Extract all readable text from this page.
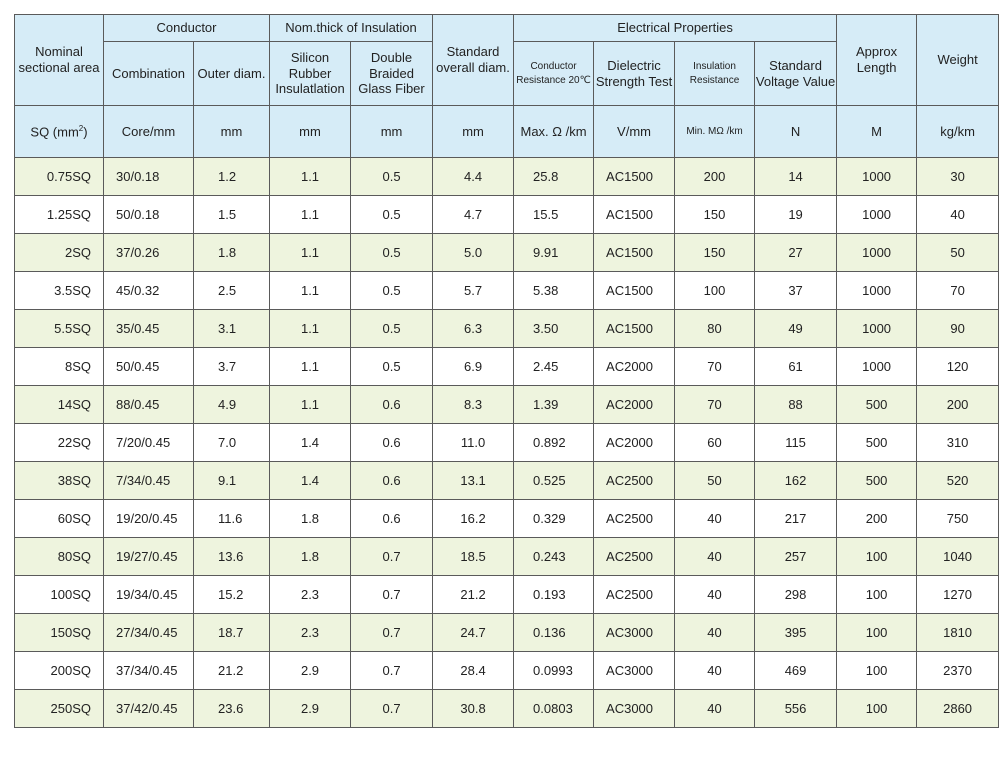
Nominal sectional area	Conductor		Nom.thick of Insulation		Standard overall diam.	Electrical Properties				Approx Length	Weight
	Combination	Outer diam.	Silicon Rubber Insulatlation	Double Braided Glass Fiber		Conductor Resistance 20℃	Dielectric Strength Test	Insulation Resistance	Standard Voltage Value		
SQ $(mm^2)$	Core/mm	mm	mm	mm	mm	Max. Ω /km	V/mm	Min. MΩ /km	N	M	kg/km
0.75SQ	30/0.18	1.2	1.1	0.5	4.4	25.8	AC1500	200	14	1000	30
1.25SQ	50/0.18	1.5	1.1	0.5	4.7	15.5	AC1500	150	19	1000	40
2SQ	37/0.26	1.8	1.1	0.5	5.0	9.91	AC1500	150	27	1000	50
3.5SQ	45/0.32	2.5	1.1	0.5	5.7	5.38	AC1500	100	37	1000	70
5.5SQ	35/0.45	3.1	1.1	0.5	6.3	3.50	AC1500	80	49	1000	90
8SQ	50/0.45	3.7	1.1	0.5	6.9	2.45	AC2000	70	61	1000	120
14SQ	88/0.45	4.9	1.1	0.6	8.3	1.39	AC2000	70	88	500	200
22SQ	7/20/0.45	7.0	1.4	0.6	11.0	0.892	AC2000	60	115	500	310
38SQ	7/34/0.45	9.1	1.4	0.6	13.1	0.525	AC2500	50	162	500	520
60SQ	19/20/0.45	11.6	1.8	0.6	16.2	0.329	AC2500	40	217	200	750
80SQ	19/27/0.45	13.6	1.8	0.7	18.5	0.243	AC2500	40	257	100	1040
100SQ	19/34/0.45	15.2	2.3	0.7	21.2	0.193	AC2500	40	298	100	1270
150SQ	27/34/0.45	18.7	2.3	0.7	24.7	0.136	AC3000	40	395	100	1810
200SQ	37/34/0.45	21.2	2.9	0.7	28.4	0.0993	AC3000	40	469	100	2370
250SQ	37/42/0.45	23.6	2.9	0.7	30.8	0.0803	AC3000	40	556	100	2860
